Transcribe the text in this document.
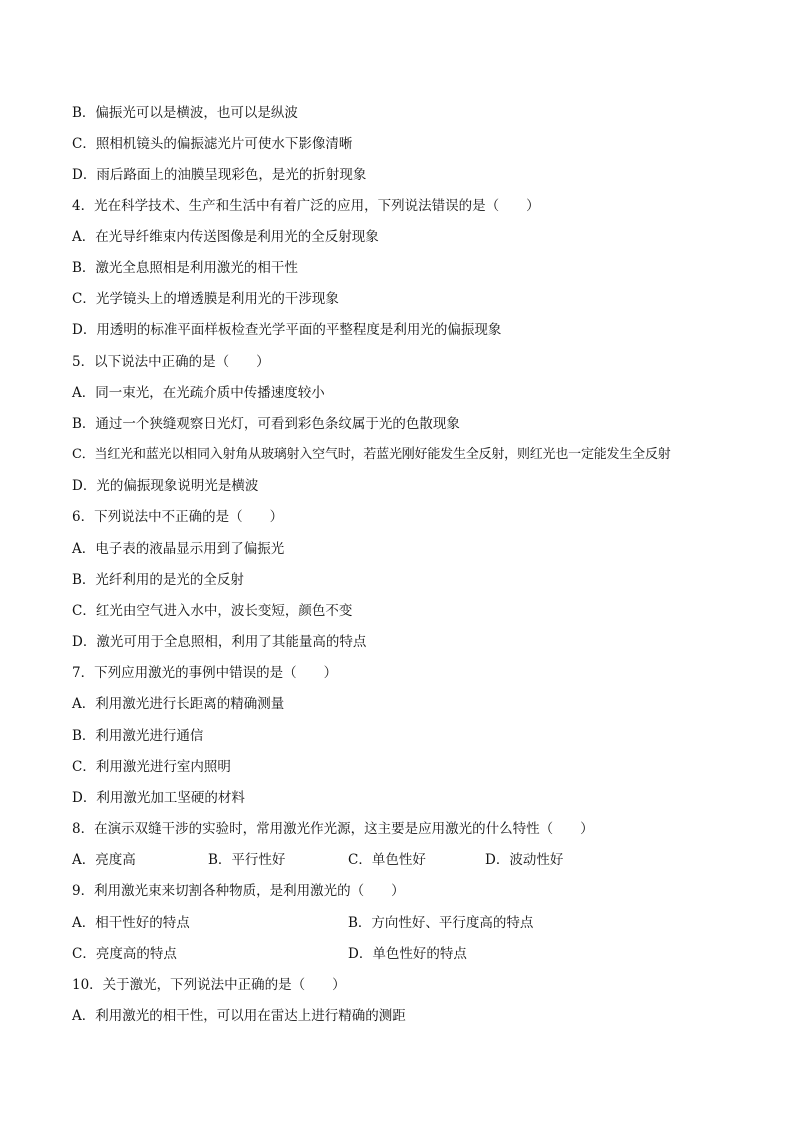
B．偏振光可以是横波，也可以是纵波
C．照相机镜头的偏振滤光片可使水下影像清晰
D．雨后路面上的油膜呈现彩色，是光的折射现象
4．光在科学技术、生产和生活中有着广泛的应用，下列说法错误的是（　　）
A．在光导纤维束内传送图像是利用光的全反射现象
B．激光全息照相是利用激光的相干性
C．光学镜头上的增透膜是利用光的干涉现象
D．用透明的标准平面样板检查光学平面的平整程度是利用光的偏振现象
5．以下说法中正确的是（　　）
A．同一束光，在光疏介质中传播速度较小
B．通过一个狭缝观察日光灯，可看到彩色条纹属于光的色散现象
C．当红光和蓝光以相同入射角从玻璃射入空气时，若蓝光刚好能发生全反射，则红光也一定能发生全反射
D．光的偏振现象说明光是横波
6．下列说法中不正确的是（　　）
A．电子表的液晶显示用到了偏振光
B．光纤利用的是光的全反射
C．红光由空气进入水中，波长变短，颜色不变
D．激光可用于全息照相，利用了其能量高的特点
7．下列应用激光的事例中错误的是（　　）
A．利用激光进行长距离的精确测量
B．利用激光进行通信
C．利用激光进行室内照明
D．利用激光加工坚硬的材料
8．在演示双缝干涉的实验时，常用激光作光源，这主要是应用激光的什么特性（　　）
A．亮度高	B．平行性好	C．单色性好	D．波动性好
9．利用激光束来切割各种物质，是利用激光的（　　）
A．相干性好的特点	B．方向性好、平行度高的特点
C．亮度高的特点	D．单色性好的特点
10．关于激光，下列说法中正确的是（　　）
A．利用激光的相干性，可以用在雷达上进行精确的测距
